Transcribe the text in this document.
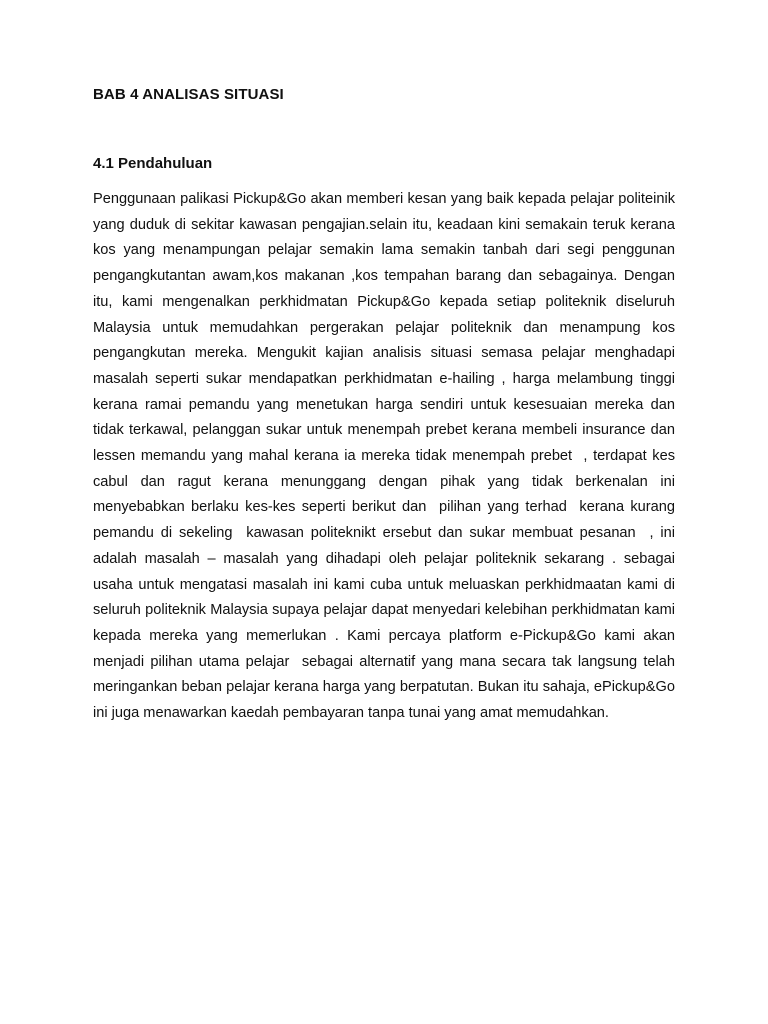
BAB 4 ANALISAS SITUASI
4.1 Pendahuluan

Penggunaan palikasi Pickup&Go akan memberi kesan yang baik kepada pelajar politeinik yang duduk di sekitar kawasan pengajian.selain itu, keadaan kini semakain teruk kerana kos yang menampungan pelajar semakin lama semakin tanbah dari segi penggunan pengangkutantan awam,kos makanan ,kos tempahan barang dan sebagainya. Dengan itu, kami mengenalkan perkhidmatan Pickup&Go kepada setiap politeknik diseluruh Malaysia untuk memudahkan pergerakan pelajar politeknik dan menampung kos pengangkutan mereka. Mengukit kajian analisis situasi semasa pelajar menghadapi masalah seperti sukar mendapatkan perkhidmatan e-hailing , harga melambung tinggi kerana ramai pemandu yang menetukan harga sendiri untuk kesesuaian mereka dan tidak terkawal, pelanggan sukar untuk menempah prebet kerana membeli insurance dan lessen memandu yang mahal kerana ia mereka tidak menempah prebet  , terdapat kes cabul dan ragut kerana menunggang dengan pihak yang tidak berkenalan ini menyebabkan berlaku kes-kes seperti berikut dan  pilihan yang terhad  kerana kurang pemandu di sekeling  kawasan politeknikt ersebut dan sukar membuat pesanan  , ini adalah masalah – masalah yang dihadapi oleh pelajar politeknik sekarang . sebagai usaha untuk mengatasi masalah ini kami cuba untuk meluaskan perkhidmaatan kami di seluruh politeknik Malaysia supaya pelajar dapat menyedari kelebihan perkhidmatan kami kepada mereka yang memerlukan . Kami percaya platform e-Pickup&Go kami akan menjadi pilihan utama pelajar  sebagai alternatif yang mana secara tak langsung telah meringankan beban pelajar kerana harga yang berpatutan. Bukan itu sahaja, ePickup&Go ini juga menawarkan kaedah pembayaran tanpa tunai yang amat memudahkan.
